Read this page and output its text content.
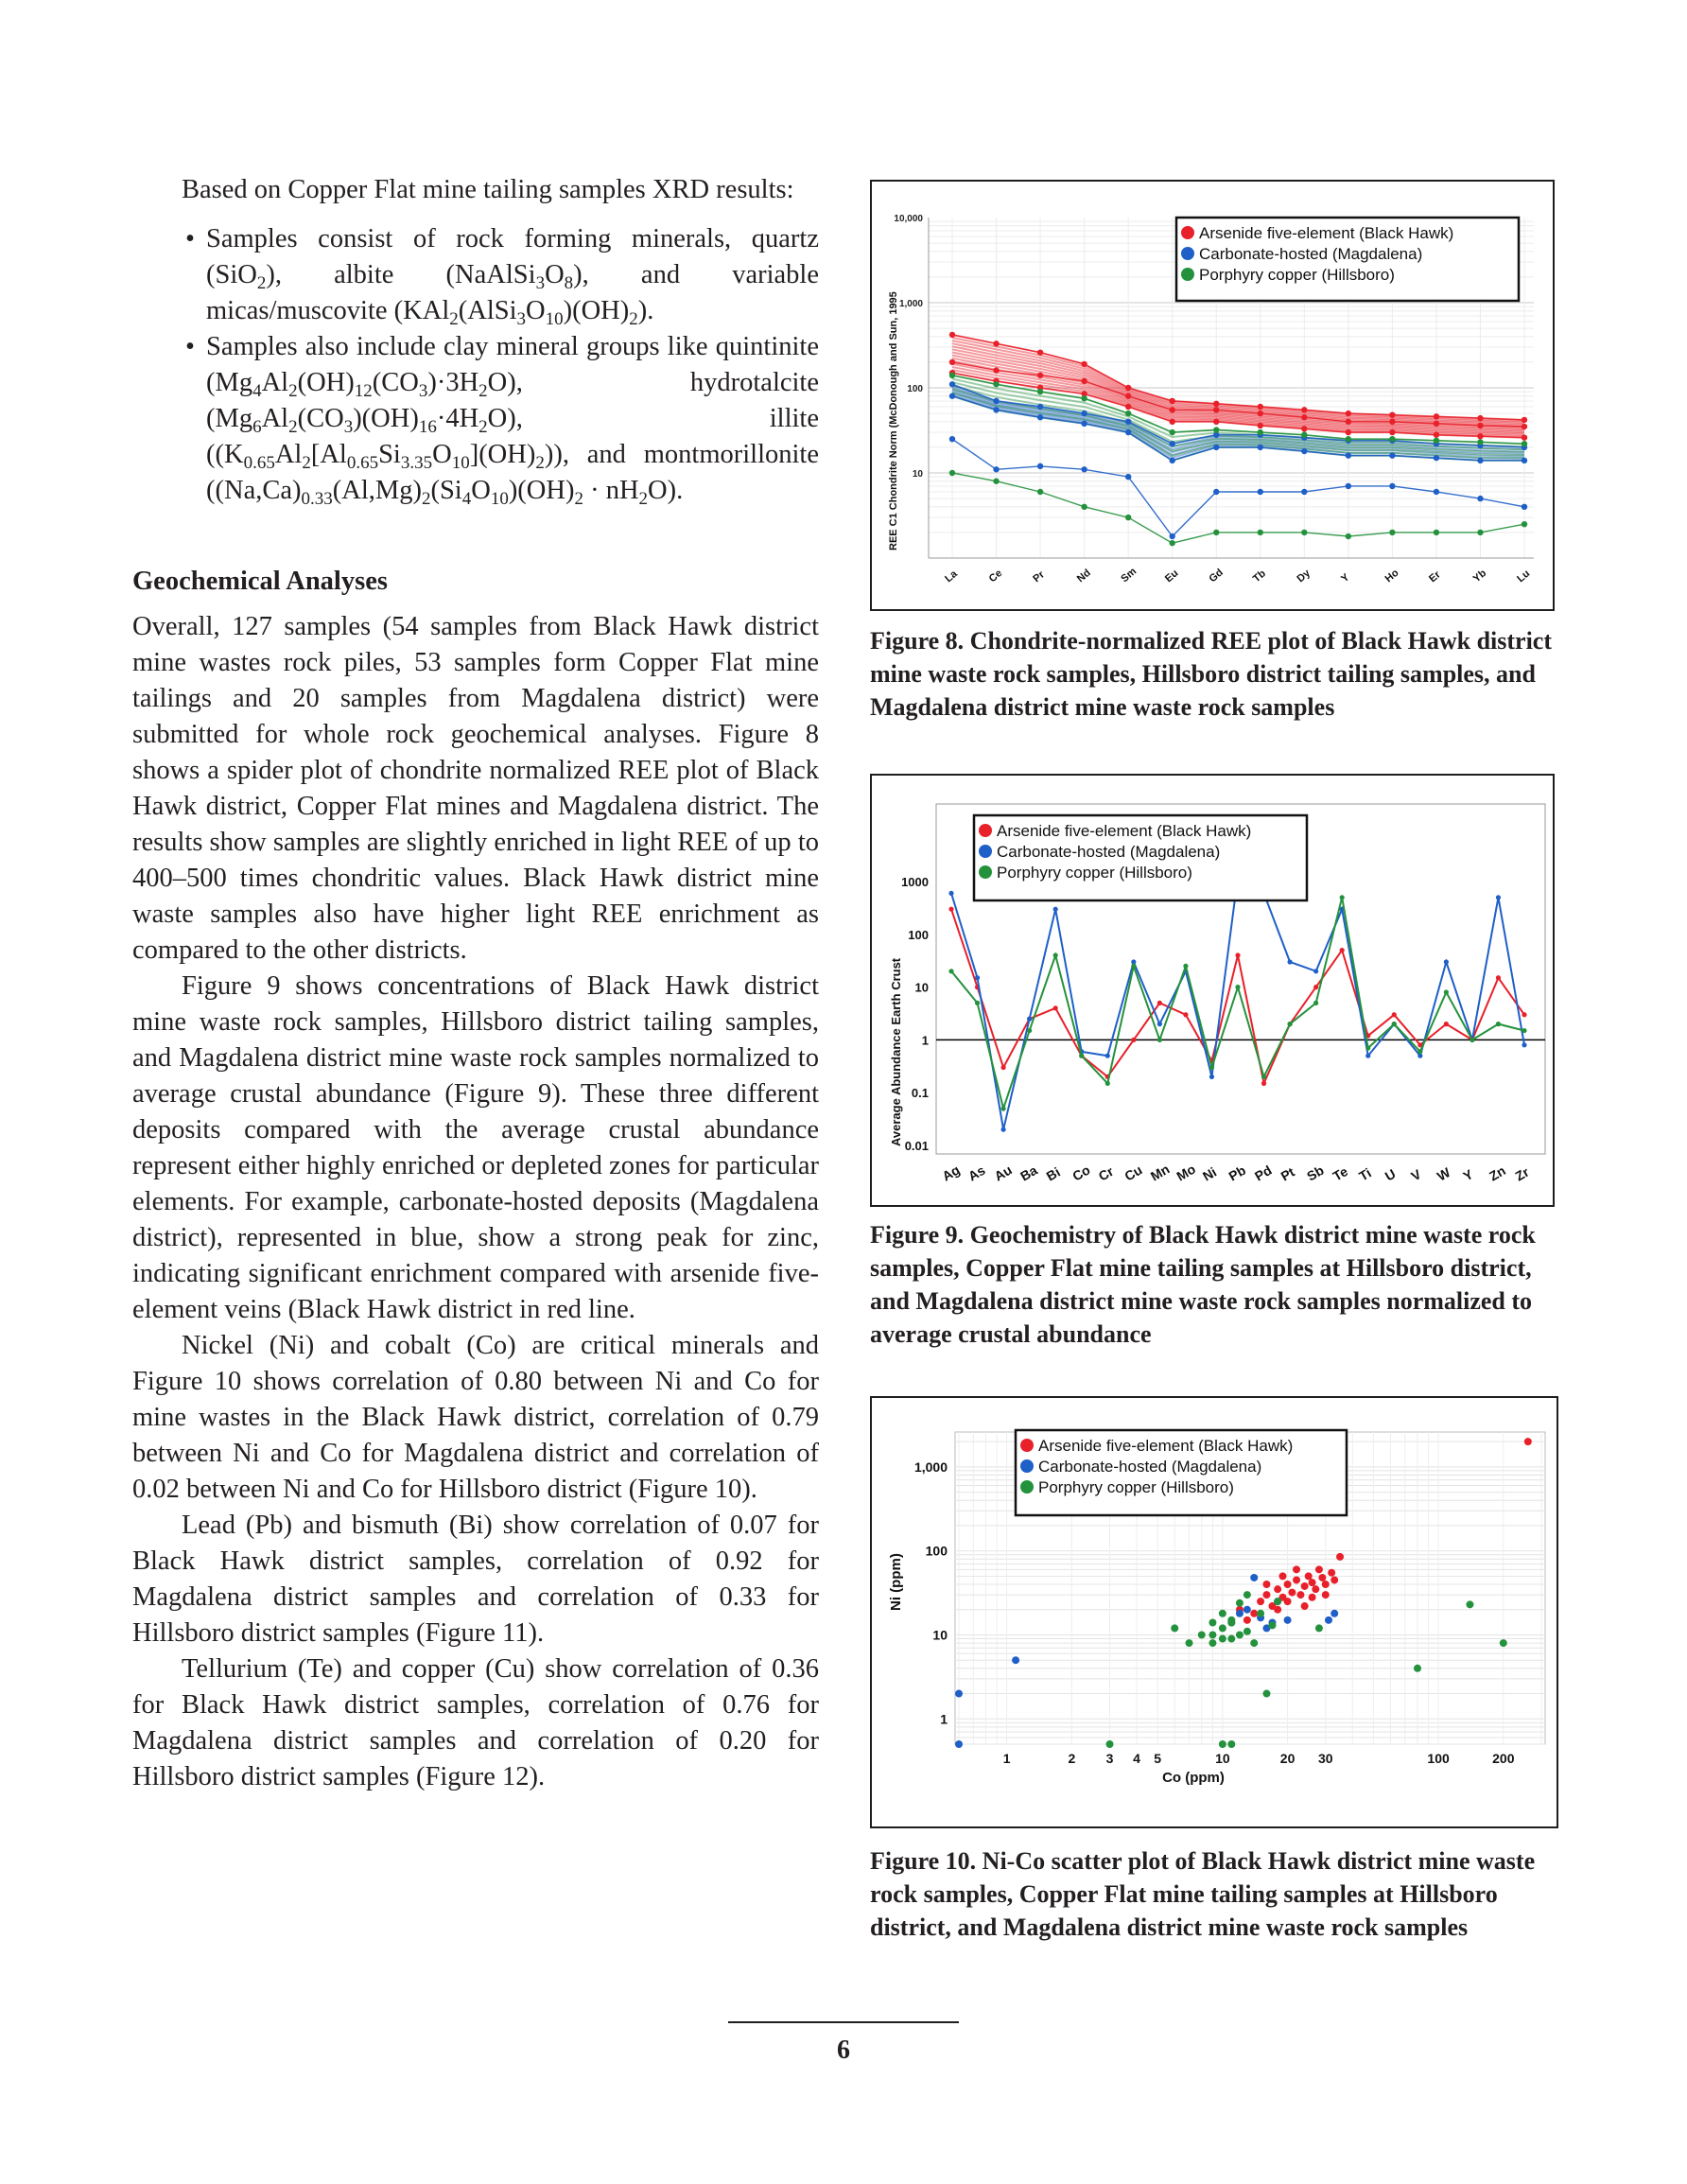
Based on Copper Flat mine tailing samples XRD results:

• Samples consist of rock forming minerals, quartz (SiO$_2$), albite $(NaAlSi_3O_8)$, and variable micas/muscovite $(KAl_2(AlSi_3O_{10})(OH)_2)$.
• Samples also include clay mineral groups like quintinite $(Mg_4Al_2(OH)_{12}(CO_3)\cdot 3H_2O)$, hydrotalcite $(Mg_6Al_2(CO_3)(OH)_{16}\cdot 4H_2O)$, illite $((K_{0.65}Al_2[Al_{0.65}Si_{3.35}O_{10}](OH)_2))$, and montmorillonite $((Na,Ca)_{0.33}(Al,Mg)_2(Si_4O_{10})(OH)_2 \cdot nH_2O)$.
Geochemical Analyses

Overall, 127 samples (54 samples from Black Hawk district mine wastes rock piles, 53 samples form Copper Flat mine tailings and 20 samples from Magdalena district) were submitted for whole rock geochemical analyses. Figure 8 shows a spider plot of chondrite normalized REE plot of Black Hawk district, Copper Flat mines and Magdalena district. The results show samples are slightly enriched in light REE of up to 400–500 times chondritic values. Black Hawk district mine waste samples also have higher light REE enrichment as compared to the other districts.

Figure 9 shows concentrations of Black Hawk district mine waste rock samples, Hillsboro district tailing samples, and Magdalena district mine waste rock samples normalized to average crustal abundance (Figure 9). These three different deposits compared with the average crustal abundance represent either highly enriched or depleted zones for particular elements. For example, carbonate-hosted deposits (Magdalena district), represented in blue, show a strong peak for zinc, indicating significant enrichment compared with arsenide five-element veins (Black Hawk district in red line.

Nickel (Ni) and cobalt (Co) are critical minerals and Figure 10 shows correlation of 0.80 between Ni and Co for mine wastes in the Black Hawk district, correlation of 0.79 between Ni and Co for Magdalena district and correlation of 0.02 between Ni and Co for Hillsboro district (Figure 10).

Lead (Pb) and bismuth (Bi) show correlation of 0.07 for Black Hawk district samples, correlation of 0.92 for Magdalena district samples and correlation of 0.33 for Hillsboro district samples (Figure 11).

Tellurium (Te) and copper (Cu) show correlation of 0.36 for Black Hawk district samples, correlation of 0.76 for Magdalena district samples and correlation of 0.20 for Hillsboro district samples (Figure 12).

10,000
1,000
100
10
REE C1 Chondrite Norm (McDonough and Sun, 1995
La	Ce	Pr	Nd	Sm Eu	Gd Tb	Dy	Y	Ho	Er	Yb	Lu
Arsenide five-element (Black Hawk)
Carbonate-hosted (Magdalena)
Porphyry copper (Hillsboro)
Figure 8. Chondrite-normalized REE plot of Black Hawk district mine waste rock samples, Hillsboro district tailing samples, and Magdalena district mine waste rock samples
1000
100
10
1
0.1
0.01
Average Abundance Earth Crust
Ag As Au Ba Bi Co Cr Cu Mn Mo Ni Pb Pd Pt Sb Te Ti U V W Y Zn Zr
Arsenide five-element (Black Hawk)
Carbonate-hosted (Magdalena)
Porphyry copper (Hillsboro)
Figure 9. Geochemistry of Black Hawk district mine waste rock samples, Copper Flat mine tailing samples at Hillsboro district, and Magdalena district mine waste rock samples normalized to average crustal abundance
1,000
100
10
1
1	2 3 4 5	10	20 30	100	200
Co (ppm)
Ni (ppm)
Arsenide five-element (Black Hawk)
Carbonate-hosted (Magdalena)
Porphyry copper (Hillsboro)
Figure 10. Ni-Co scatter plot of Black Hawk district mine waste rock samples, Copper Flat mine tailing samples at Hillsboro district, and Magdalena district mine waste rock samples
6
